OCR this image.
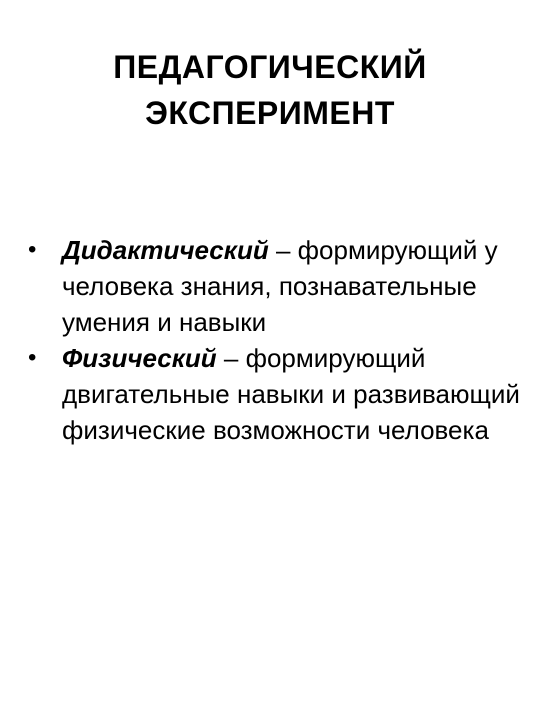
ПЕДАГОГИЧЕСКИЙ
ЭКСПЕРИМЕНТ
• Дидактический – формирующий у человека знания, познавательные умения и навыки
• Физический – формирующий двигательные навыки и развивающий физические возможности человека
